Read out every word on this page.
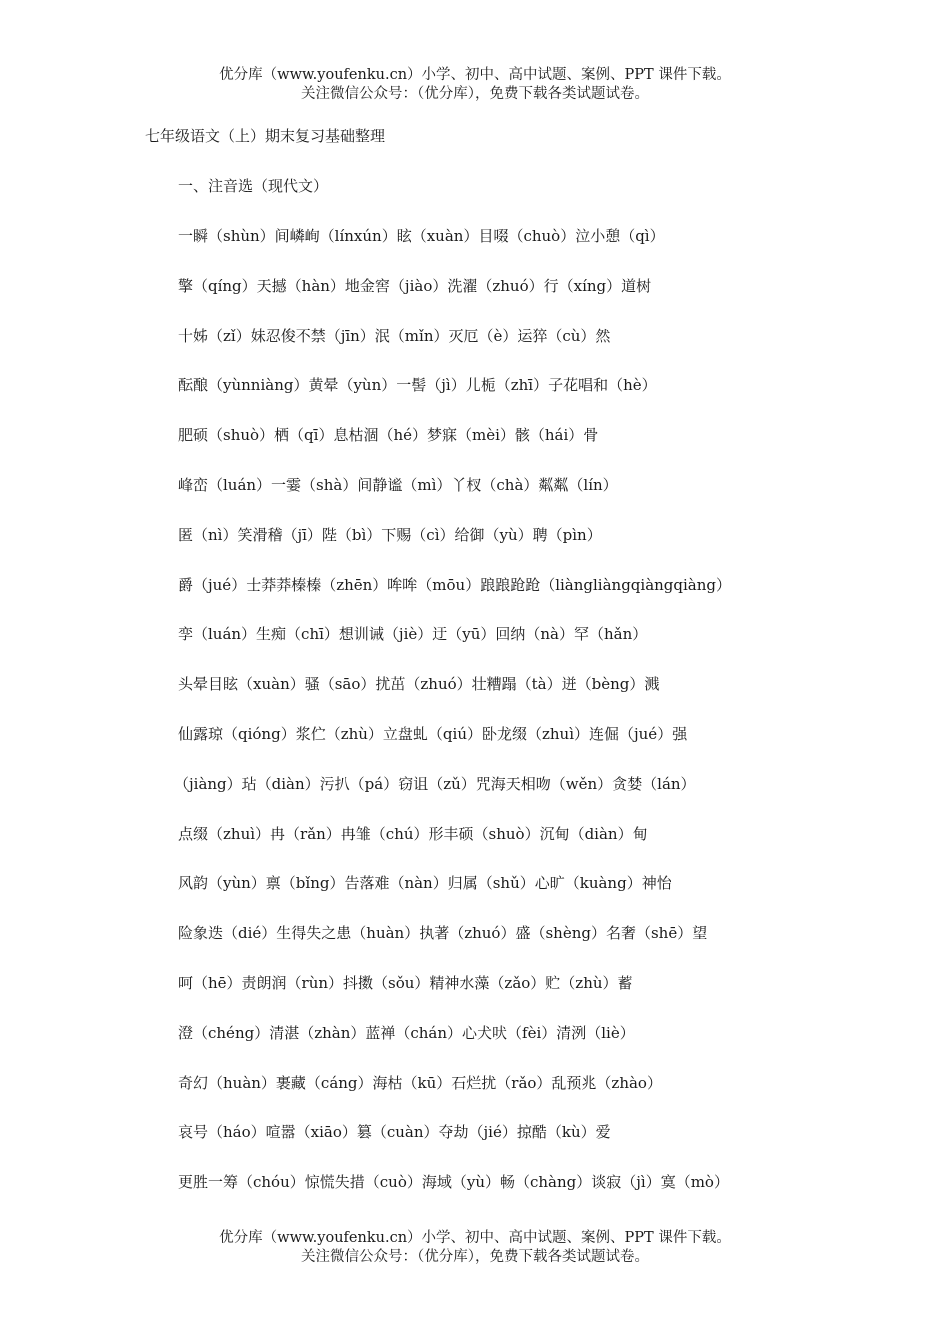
优分库（www.youfenku.cn）小学、初中、高中试题、案例、PPT 课件下载。
关注微信公众号：（优分库），免费下载各类试题试卷。
七年级语文（上）期末复习基础整理
一、注音选（现代文）
一瞬（shùn）间嶙峋（línxún）眩（xuàn）目啜（chuò）泣小憩（qì）
擎（qíng）天撼（hàn）地金窖（jiào）洗濯（zhuó）行（xíng）道树
十姊（zǐ）妹忍俊不禁（jīn）泯（mǐn）灭厄（è）运猝（cù）然
酝酿（yùnniàng）黄晕（yùn）一髻（jì）儿栀（zhī）子花唱和（hè）
肥硕（shuò）栖（qī）息枯涸（hé）梦寐（mèi）骸（hái）骨
峰峦（luán）一霎（shà）间静谧（mì）丫杈（chà）粼粼（lín）
匿（nì）笑滑稽（jī）陛（bì）下赐（cì）给御（yù）聘（pìn）
爵（jué）士莽莽榛榛（zhēn）哞哞（mōu）踉踉跄跄（liàngliàngqiàngqiàng）
孪（luán）生痴（chī）想训诫（jiè）迂（yū）回纳（nà）罕（hǎn）
头晕目眩（xuàn）骚（sāo）扰茁（zhuó）壮糟蹋（tà）迸（bèng）溅
仙露琼（qióng）浆伫（zhù）立盘虬（qiú）卧龙缀（zhuì）连倔（jué）强
（jiàng）玷（diàn）污扒（pá）窃诅（zǔ）咒海天相吻（wěn）贪婪（lán）
点缀（zhuì）冉（rǎn）冉雏（chú）形丰硕（shuò）沉甸（diàn）甸
风韵（yùn）禀（bǐng）告落难（nàn）归属（shǔ）心旷（kuàng）神怡
险象迭（dié）生得失之患（huàn）执著（zhuó）盛（shèng）名奢（shē）望
呵（hē）责朗润（rùn）抖擞（sǒu）精神水藻（zǎo）贮（zhù）蓄
澄（chéng）清湛（zhàn）蓝禅（chán）心犬吠（fèi）清洌（liè）
奇幻（huàn）裹藏（cáng）海枯（kū）石烂扰（rǎo）乱预兆（zhào）
哀号（háo）喧嚣（xiāo）篡（cuàn）夺劫（jié）掠酷（kù）爱
更胜一筹（chóu）惊慌失措（cuò）海域（yù）畅（chàng）谈寂（jì）寞（mò）
优分库（www.youfenku.cn）小学、初中、高中试题、案例、PPT 课件下载。
关注微信公众号：（优分库），免费下载各类试题试卷。
